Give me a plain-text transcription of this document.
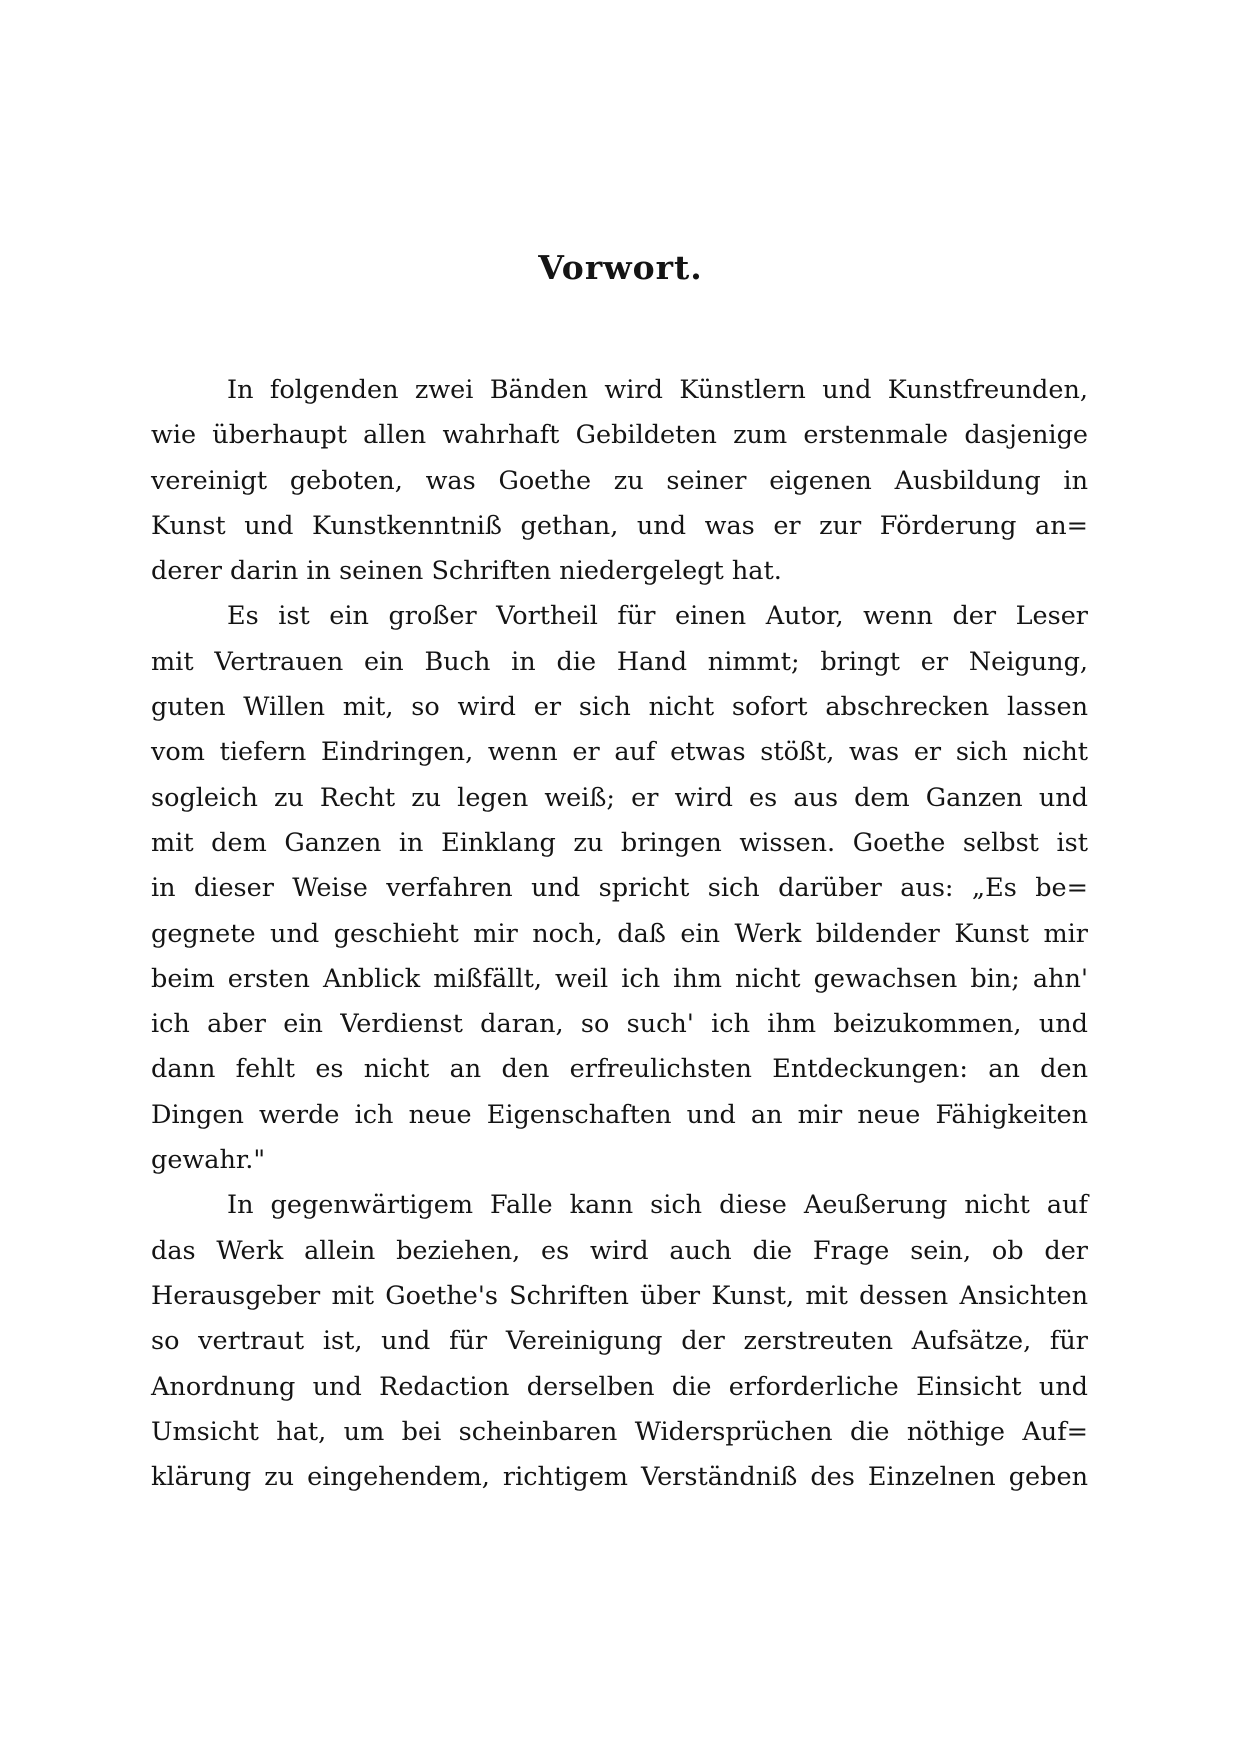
Vorwort.
In folgenden zwei Bänden wird Künstlern und Kunstfreunden,
wie überhaupt allen wahrhaft Gebildeten zum erstenmale dasjenige
vereinigt geboten, was Goethe zu seiner eigenen Ausbildung in
Kunst und Kunstkenntniß gethan, und was er zur Förderung an=
derer darin in seinen Schriften niedergelegt hat.
Es ist ein großer Vortheil für einen Autor, wenn der Leser
mit Vertrauen ein Buch in die Hand nimmt; bringt er Neigung,
guten Willen mit, so wird er sich nicht sofort abschrecken lassen
vom tiefern Eindringen, wenn er auf etwas stößt, was er sich nicht
sogleich zu Recht zu legen weiß; er wird es aus dem Ganzen und
mit dem Ganzen in Einklang zu bringen wissen. Goethe selbst ist
in dieser Weise verfahren und spricht sich darüber aus: „Es be=
gegnete und geschieht mir noch, daß ein Werk bildender Kunst mir
beim ersten Anblick mißfällt, weil ich ihm nicht gewachsen bin; ahn'
ich aber ein Verdienst daran, so such' ich ihm beizukommen, und
dann fehlt es nicht an den erfreulichsten Entdeckungen: an den
Dingen werde ich neue Eigenschaften und an mir neue Fähigkeiten
gewahr."
In gegenwärtigem Falle kann sich diese Aeußerung nicht auf
das Werk allein beziehen, es wird auch die Frage sein, ob der
Herausgeber mit Goethe's Schriften über Kunst, mit dessen Ansichten
so vertraut ist, und für Vereinigung der zerstreuten Aufsätze, für
Anordnung und Redaction derselben die erforderliche Einsicht und
Umsicht hat, um bei scheinbaren Widersprüchen die nöthige Auf=
klärung zu eingehendem, richtigem Verständniß des Einzelnen geben
